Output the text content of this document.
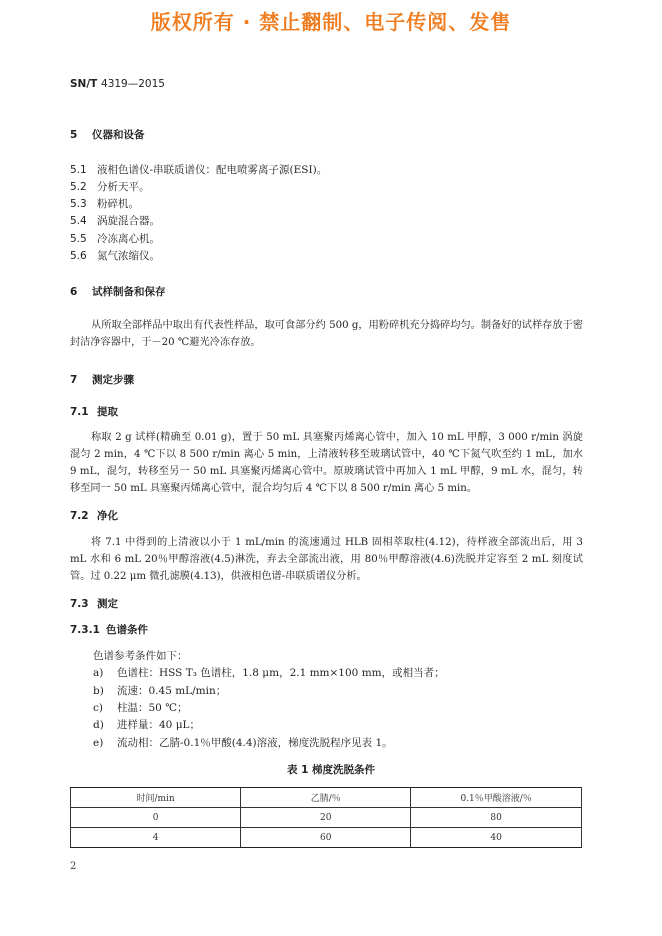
版权所有 · 禁止翻制、电子传阅、发售
SN/T 4319—2015
5 仪器和设备
5.1 液相色谱仪-串联质谱仪：配电喷雾离子源(ESI)。
5.2 分析天平。
5.3 粉碎机。
5.4 涡旋混合器。
5.5 冷冻离心机。
5.6 氮气浓缩仪。
6 试样制备和保存
从所取全部样品中取出有代表性样品，取可食部分约 500 g，用粉碎机充分捣碎均匀。制备好的试样存放于密封洁净容器中，于－20 ℃避光冷冻存放。
7 测定步骤
7.1 提取
称取 2 g 试样(精确至 0.01 g)，置于 50 mL 具塞聚丙烯离心管中，加入 10 mL 甲醇，3 000 r/min 涡旋混匀 2 min，4 ℃下以 8 500 r/min 离心 5 min，上清液转移至玻璃试管中，40 ℃下氮气吹至约 1 mL，加水 9 mL，混匀，转移至另一 50 mL 具塞聚丙烯离心管中。原玻璃试管中再加入 1 mL 甲醇，9 mL 水，混匀，转移至同一 50 mL 具塞聚丙烯离心管中，混合均匀后 4 ℃下以 8 500 r/min 离心 5 min。
7.2 净化
将 7.1 中得到的上清液以小于 1 mL/min 的流速通过 HLB 固相萃取柱(4.12)，待样液全部流出后，用 3 mL 水和 6 mL 20％甲醇溶液(4.5)淋洗，弃去全部流出液，用 80％甲醇溶液(4.6)洗脱并定容至 2 mL 刻度试管。过 0.22 μm 微孔滤膜(4.13)，供液相色谱-串联质谱仪分析。
7.3 测定
7.3.1 色谱条件
色谱参考条件如下：
a) 色谱柱：HSS T₃ 色谱柱，1.8 μm，2.1 mm×100 mm，或相当者；
b) 流速：0.45 mL/min；
c) 柱温：50 ℃；
d) 进样量：40 μL；
e) 流动相：乙腈-0.1％甲酸(4.4)溶液，梯度洗脱程序见表 1。
表 1 梯度洗脱条件
时间/min	乙腈/％	0.1％甲酸溶液/％
0	20	80
4	60	40
2
